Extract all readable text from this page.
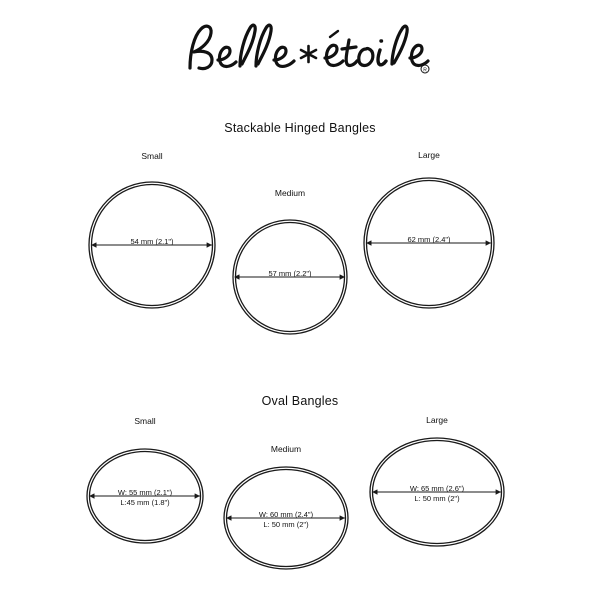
R
Stackable Hinged Bangles
Oval Bangles
Small
Medium
Large
54 mm (2.1")
57 mm (2.2")
62 mm (2.4")
Small
Medium
Large
W: 55 mm (2.1")
L:45 mm (1.8")
W: 60 mm (2.4")
L: 50 mm (2")
W: 65 mm (2.6")
L: 50 mm (2")
